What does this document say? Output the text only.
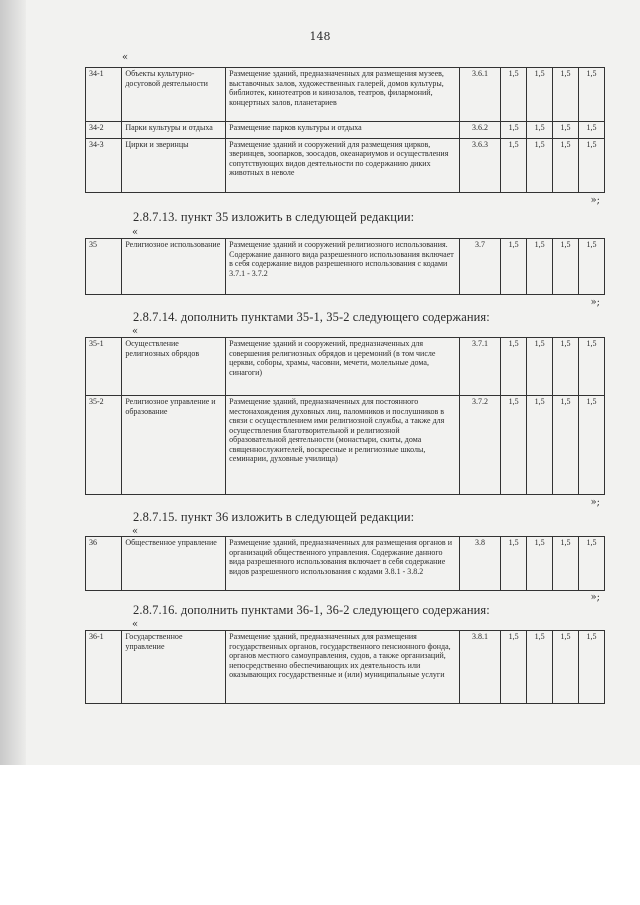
148
«
34-1	Объекты культурно-досуговой деятельности	Размещение зданий, предназначенных для размещения музеев, выставочных залов, художественных галерей, домов культуры, библиотек, кинотеатров и кинозалов, театров, филармоний, концертных залов, планетариев	3.6.1	1,5	1,5	1,5	1,5
34-2	Парки культуры и отдыха	Размещение парков культуры и отдыха	3.6.2	1,5	1,5	1,5	1,5
34-3	Цирки и зверинцы	Размещение зданий и сооружений для размещения цирков, зверинцев, зоопарков, зоосадов, океанариумов и осуществления сопутствующих видов деятельности по содержанию диких животных в неволе	3.6.3	1,5	1,5	1,5	1,5
»;
2.8.7.13. пункт 35 изложить в следующей редакции:
«
35	Религиозное использование	Размещение зданий и сооружений религиозного использования. Содержание данного вида разрешенного использования включает в себя содержание видов разрешенного использования с кодами 3.7.1 - 3.7.2	3.7	1,5	1,5	1,5	1,5
»;
2.8.7.14. дополнить пунктами 35-1, 35-2 следующего содержания:
«
35-1	Осуществление религиозных обрядов	Размещение зданий и сооружений, предназначенных для совершения религиозных обрядов и церемоний (в том числе церкви, соборы, храмы, часовни, мечети, молельные дома, синагоги)	3.7.1	1,5	1,5	1,5	1,5
35-2	Религиозное управление и образование	Размещение зданий, предназначенных для постоянного местонахождения духовных лиц, паломников и послушников в связи с осуществлением ими религиозной службы, а также для осуществления благотворительной и религиозной образовательной деятельности (монастыри, скиты, дома священнослужителей, воскресные и религиозные школы, семинарии, духовные училища)	3.7.2	1,5	1,5	1,5	1,5
»;
2.8.7.15. пункт 36 изложить в следующей редакции:
«
36	Общественное управление	Размещение зданий, предназначенных для размещения органов и организаций общественного управления. Содержание данного вида разрешенного использования включает в себя содержание видов разрешенного использования с кодами 3.8.1 - 3.8.2	3.8	1,5	1,5	1,5	1,5
»;
2.8.7.16. дополнить пунктами 36-1, 36-2 следующего содержания:
«
36-1	Государственное управление	Размещение зданий, предназначенных для размещения государственных органов, государственного пенсионного фонда, органов местного самоуправления, судов, а также организаций, непосредственно обеспечивающих их деятельность или оказывающих государственные и (или) муниципальные услуги	3.8.1	1,5	1,5	1,5	1,5
